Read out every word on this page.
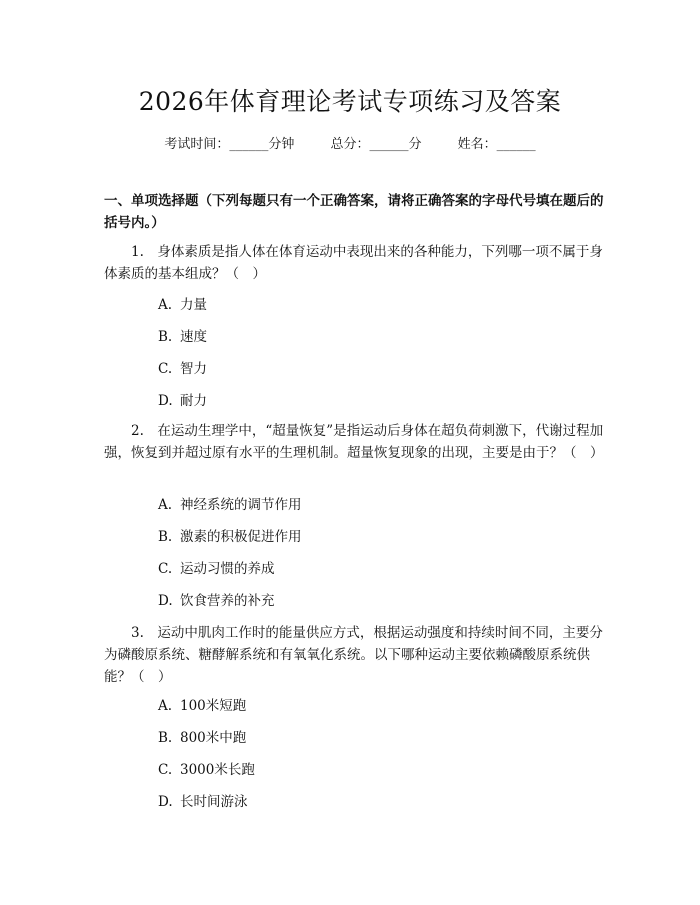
2026年体育理论考试专项练习及答案
考试时间：______分钟	总分：______分	姓名：______
一、单项选择题（下列每题只有一个正确答案，请将正确答案的字母代号填在题后的括号内。）
1.　身体素质是指人体在体育运动中表现出来的各种能力，下列哪一项不属于身体素质的基本组成？（　）
A. 力量
B. 速度
C. 智力
D. 耐力
2.　在运动生理学中，“超量恢复”是指运动后身体在超负荷刺激下，代谢过程加强，恢复到并超过原有水平的生理机制。超量恢复现象的出现，主要是由于？（　）
A. 神经系统的调节作用
B. 激素的积极促进作用
C. 运动习惯的养成
D. 饮食营养的补充
3.　运动中肌肉工作时的能量供应方式，根据运动强度和持续时间不同，主要分为磷酸原系统、糖酵解系统和有氧氧化系统。以下哪种运动主要依赖磷酸原系统供能？（　）
A. 100米短跑
B. 800米中跑
C. 3000米长跑
D. 长时间游泳
